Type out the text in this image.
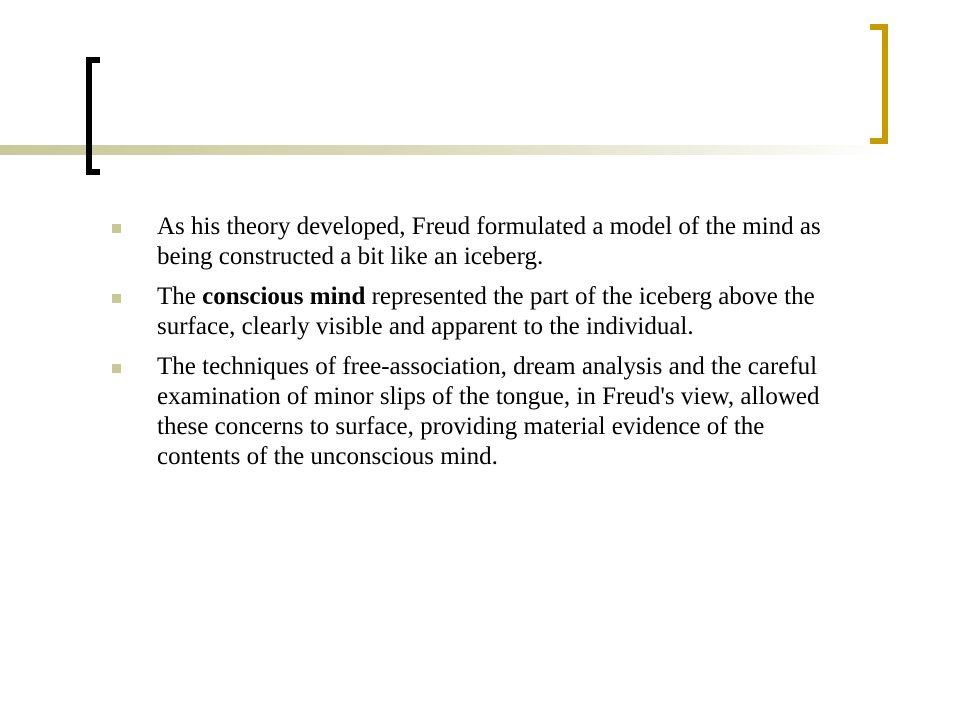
As his theory developed, Freud formulated a model of the mind as being constructed a bit like an iceberg.
The conscious mind represented the part of the iceberg above the surface, clearly visible and apparent to the individual.
The techniques of free-association, dream analysis and the careful examination of minor slips of the tongue, in Freud's view, allowed these concerns to surface, providing material evidence of the contents of the unconscious mind.
